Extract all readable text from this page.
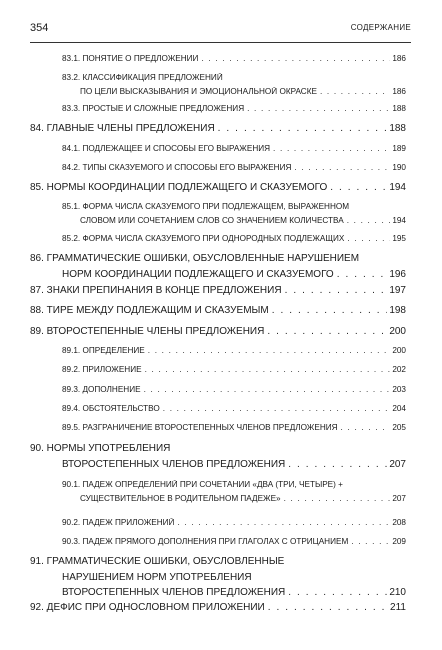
354	СОДЕРЖАНИЕ
83.1. ПОНЯТИЕ О ПРЕДЛОЖЕНИИ . . .	186
83.2. КЛАССИФИКАЦИЯ ПРЕДЛОЖЕНИЙ
ПО ЦЕЛИ ВЫСКАЗЫВАНИЯ И ЭМОЦИОНАЛЬНОЙ ОКРАСКЕ . . .	186
83.3. ПРОСТЫЕ И СЛОЖНЫЕ ПРЕДЛОЖЕНИЯ . . .	188
84. ГЛАВНЫЕ ЧЛЕНЫ ПРЕДЛОЖЕНИЯ . . .	188
84.1. ПОДЛЕЖАЩЕЕ И СПОСОБЫ ЕГО ВЫРАЖЕНИЯ . . .	189
84.2. ТИПЫ СКАЗУЕМОГО И СПОСОБЫ ЕГО ВЫРАЖЕНИЯ . . .	190
85. НОРМЫ КООРДИНАЦИИ ПОДЛЕЖАЩЕГО И СКАЗУЕМОГО . . .	194
85.1. ФОРМА ЧИСЛА СКАЗУЕМОГО ПРИ ПОДЛЕЖАЩЕМ, ВЫРАЖЕННОМ
СЛОВОМ ИЛИ СОЧЕТАНИЕМ СЛОВ СО ЗНАЧЕНИЕМ КОЛИЧЕСТВА . . .	194
85.2. ФОРМА ЧИСЛА СКАЗУЕМОГО ПРИ ОДНОРОДНЫХ ПОДЛЕЖАЩИХ . . .	195
86. ГРАММАТИЧЕСКИЕ ОШИБКИ, ОБУСЛОВЛЕННЫЕ НАРУШЕНИЕМ
НОРМ КООРДИНАЦИИ ПОДЛЕЖАЩЕГО И СКАЗУЕМОГО . . .	196
87. ЗНАКИ ПРЕПИНАНИЯ В КОНЦЕ ПРЕДЛОЖЕНИЯ . . .	197
88. ТИРЕ МЕЖДУ ПОДЛЕЖАЩИМ И СКАЗУЕМЫМ . . .	198
89. ВТОРОСТЕПЕННЫЕ ЧЛЕНЫ ПРЕДЛОЖЕНИЯ . . .	200
89.1. ОПРЕДЕЛЕНИЕ . . .	200
89.2. ПРИЛОЖЕНИЕ . . .	202
89.3. ДОПОЛНЕНИЕ . . .	203
89.4. ОБСТОЯТЕЛЬСТВО . . .	204
89.5. РАЗГРАНИЧЕНИЕ ВТОРОСТЕПЕННЫХ ЧЛЕНОВ ПРЕДЛОЖЕНИЯ . . .	205
90. НОРМЫ УПОТРЕБЛЕНИЯ
ВТОРОСТЕПЕННЫХ ЧЛЕНОВ ПРЕДЛОЖЕНИЯ . . .	207
90.1. ПАДЕЖ ОПРЕДЕЛЕНИЙ ПРИ СОЧЕТАНИИ «ДВА (ТРИ, ЧЕТЫРЕ) +
СУЩЕСТВИТЕЛЬНОЕ В РОДИТЕЛЬНОМ ПАДЕЖЕ» . . .	207
90.2. ПАДЕЖ ПРИЛОЖЕНИЙ . . .	208
90.3. ПАДЕЖ ПРЯМОГО ДОПОЛНЕНИЯ ПРИ ГЛАГОЛАХ С ОТРИЦАНИЕМ . . .	209
91. ГРАММАТИЧЕСКИЕ ОШИБКИ, ОБУСЛОВЛЕННЫЕ
НАРУШЕНИЕМ НОРМ УПОТРЕБЛЕНИЯ
ВТОРОСТЕПЕННЫХ ЧЛЕНОВ ПРЕДЛОЖЕНИЯ . . .	210
92. ДЕФИС ПРИ ОДНОСЛОВНОМ ПРИЛОЖЕНИИ . . .	211
